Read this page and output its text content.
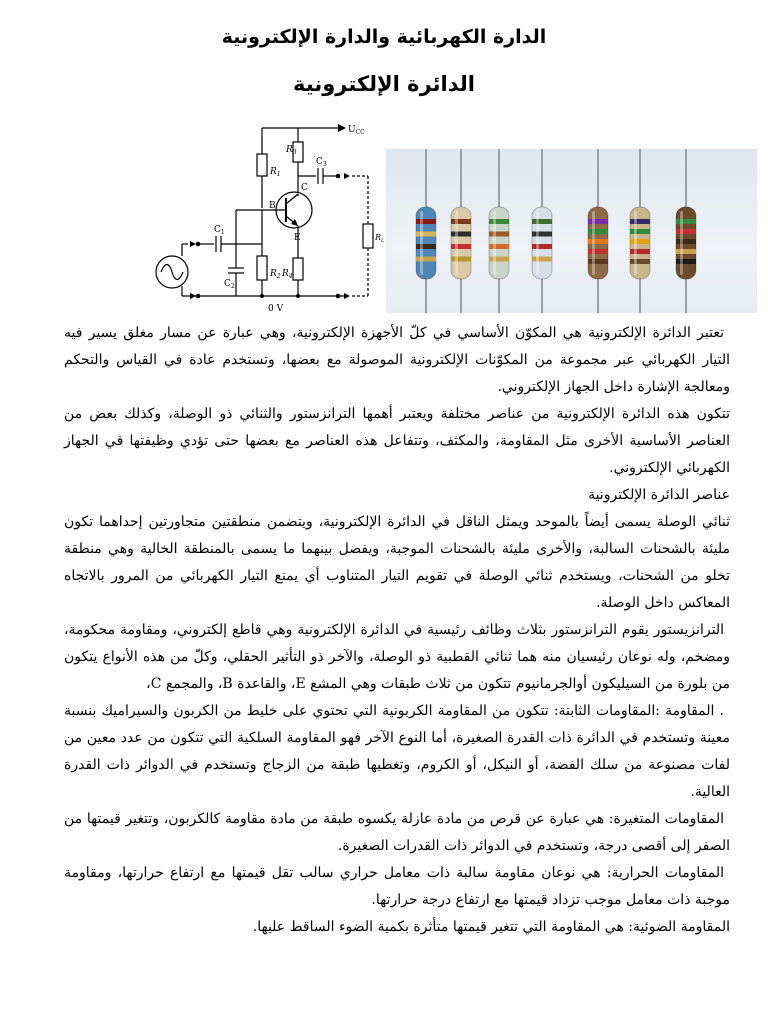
الدارة الكهربائية والدارة الإلكترونية
الدائرة الإلكترونية
$U_{CC}$
$R_1$
$R_3$
$C_3$
B
C
E
$R_4$
$R_2$
$C_2$
$C_1$
0 V
$R_L$

تعتبر الدائرة الإلكترونية هي المكوّن الأساسي في كلّ الأجهزة الإلكترونية، وهي عبارة عن مسار مغلق يسير فيه التيار الكهربائي عبر مجموعة من المكوّنات الإلكترونية الموصولة مع بعضها، وتستخدم عادة في القياس والتحكم ومعالجة الإشارة داخل الجهاز الإلكتروني.

تتكون هذه الدائرة الإلكترونية من عناصر مختلفة ويعتبر أهمها الترانزستور والثنائي ذو الوصلة، وكذلك بعض من العناصر الأساسية الأخرى مثل المقاومة، والمكثف، وتتفاعل هذه العناصر مع بعضها حتى تؤدي وظيفتها في الجهاز الكهربائي الإلكتروني.

عناصر الدائرة الإلكترونية

ثنائي الوصلة يسمى أيضاً بالموحد ويمثل الناقل في الدائرة الإلكترونية، ويتضمن منطقتين متجاورتين إحداهما تكون مليئة بالشحنات السالبة، والأخرى مليئة بالشحنات الموجبة، ويفصل بينهما ما يسمى بالمنطقة الخالية وهي منطقة تخلو من الشحنات، ويستخدم ثنائي الوصلة في تقويم التيار المتناوب أي يمنع التيار الكهربائي من المرور بالاتجاه المعاكس داخل الوصلة.

الترانزيستور يقوم الترانزستور بثلاث وظائف رئيسية في الدائرة الإلكترونية وهي قاطع إلكتروني، ومقاومة محكومة، ومضخم، وله نوعان رئيسيان منه هما ثنائي القطبية ذو الوصلة، والآخر ذو التأثير الحقلي، وكلّ من هذه الأنواع يتكون من بلورة من السيليكون أوالجرمانيوم تتكون من ثلاث طبقات وهي المشع E، والقاعدة B، والمجمع C،

. المقاومة :المقاومات الثابتة: تتكون من المقاومة الكربونية التي تحتوي على خليط من الكربون والسيراميك بنسبة معينة وتستخدم في الدائرة ذات القدرة الصغيرة، أما النوع الآخر فهو المقاومة السلكية التي تتكون من عدد معين من لفات مصنوعة من سلك الفضة، أو النيكل، أو الكروم، وتغطيها طبقة من الزجاج وتستخدم في الدوائر ذات القدرة العالية.

المقاومات المتغيرة: هي عبارة عن قرص من مادة عازلة يكسوه طبقة من مادة مقاومة كالكربون، وتتغير قيمتها من الصفر إلى أقصى درجة، وتستخدم في الدوائر ذات القدرات الصغيرة.

المقاومات الحرارية: هي نوعان مقاومة سالبة ذات معامل حراري سالب تقل قيمتها مع ارتفاع حرارتها، ومقاومة موجبة ذات معامل موجب تزداد قيمتها مع ارتفاع درجة حرارتها.

المقاومة الضوئية: هي المقاومة التي تتغير قيمتها متأثرة بكمية الضوء الساقط عليها.
